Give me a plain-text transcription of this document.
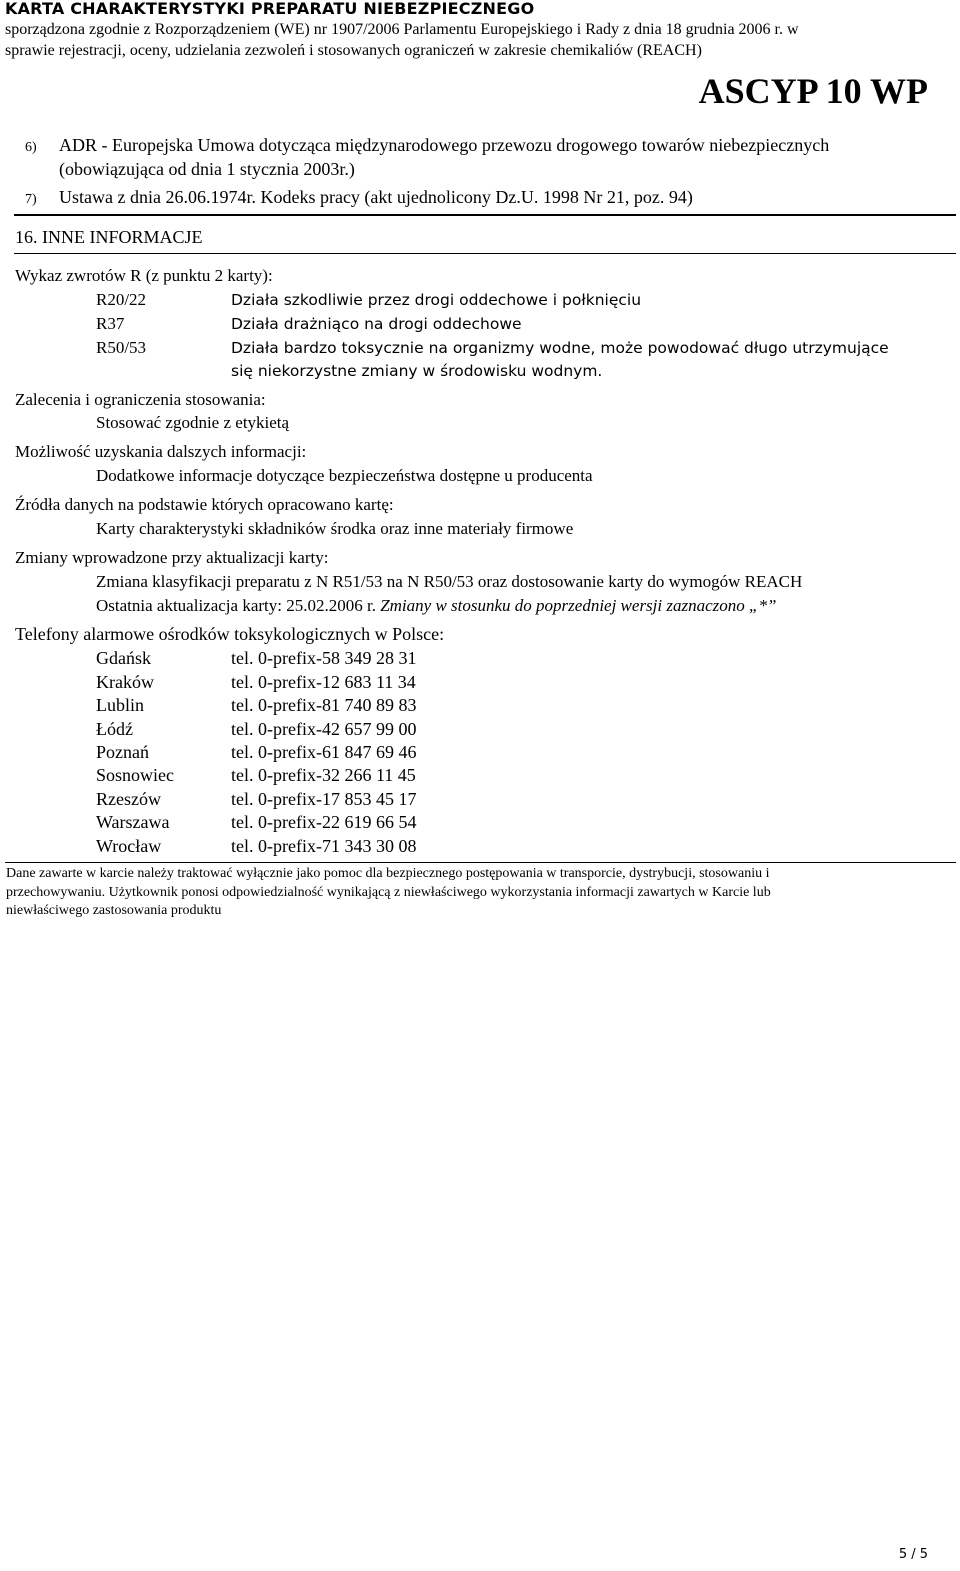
KARTA CHARAKTERYSTYKI PREPARATU NIEBEZPIECZNEGO
sporządzona zgodnie z Rozporządzeniem (WE) nr 1907/2006 Parlamentu Europejskiego i Rady z dnia 18 grudnia 2006 r. w
sprawie rejestracji, oceny, udzielania zezwoleń i stosowanych ograniczeń w zakresie chemikaliów (REACH)
ASCYP 10 WP
6) ADR - Europejska Umowa dotycząca międzynarodowego przewozu drogowego towarów niebezpiecznych
(obowiązująca od dnia 1 stycznia 2003r.)
7) Ustawa z dnia 26.06.1974r. Kodeks pracy (akt ujednolicony Dz.U. 1998 Nr 21, poz. 94)
16. INNE INFORMACJE
Wykaz zwrotów R (z punktu 2 karty):
R20/22	Działa szkodliwie przez drogi oddechowe i połknięciu
R37	Działa drażniąco na drogi oddechowe
R50/53	Działa bardzo toksycznie na organizmy wodne, może powodować długo utrzymujące
się niekorzystne zmiany w środowisku wodnym.
Zalecenia i ograniczenia stosowania:
Stosować zgodnie z etykietą
Możliwość uzyskania dalszych informacji:
Dodatkowe informacje dotyczące bezpieczeństwa dostępne u producenta
Źródła danych na podstawie których opracowano kartę:
Karty charakterystyki składników środka oraz inne materiały firmowe
Zmiany wprowadzone przy aktualizacji karty:
Zmiana klasyfikacji preparatu z N R51/53 na N R50/53 oraz dostosowanie karty do wymogów REACH
Ostatnia aktualizacja karty: 25.02.2006 r. Zmiany w stosunku do poprzedniej wersji zaznaczono „*”
Telefony alarmowe ośrodków toksykologicznych w Polsce:
Gdańsk	tel. 0-prefix-58 349 28 31
Kraków	tel. 0-prefix-12 683 11 34
Lublin	tel. 0-prefix-81 740 89 83
Łódź	tel. 0-prefix-42 657 99 00
Poznań	tel. 0-prefix-61 847 69 46
Sosnowiec	tel. 0-prefix-32 266 11 45
Rzeszów	tel. 0-prefix-17 853 45 17
Warszawa	tel. 0-prefix-22 619 66 54
Wrocław	tel. 0-prefix-71 343 30 08
Dane zawarte w karcie należy traktować wyłącznie jako pomoc dla bezpiecznego postępowania w transporcie, dystrybucji, stosowaniu i
przechowywaniu. Użytkownik ponosi odpowiedzialność wynikającą z niewłaściwego wykorzystania informacji zawartych w Karcie lub
niewłaściwego zastosowania produktu
5 / 5
